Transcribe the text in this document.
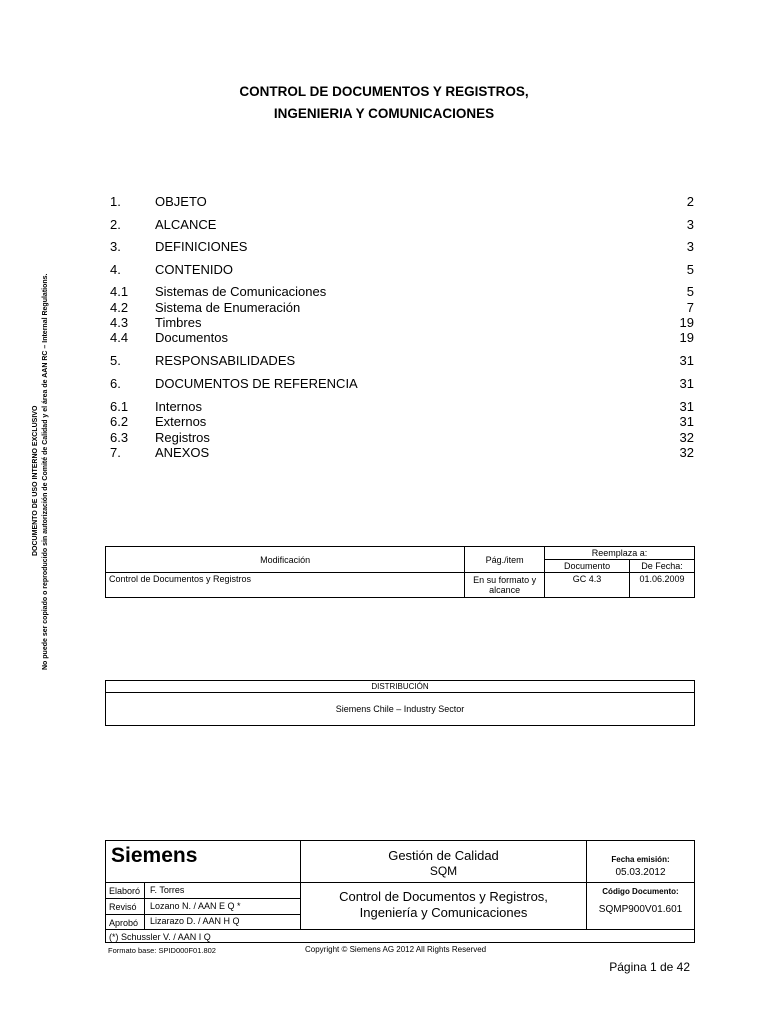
CONTROL DE DOCUMENTOS Y REGISTROS,
INGENIERIA Y COMUNICACIONES
DOCUMENTO DE USO INTERNO EXCLUSIVO No puede ser copiado o reproducido sin autorización de Comité de Calidad y el área de AAN RC – Internal Regulations.
1.	OBJETO	2
2.	ALCANCE	3
3.	DEFINICIONES	3
4.	CONTENIDO	5
4.1 Sistemas de Comunicaciones	5
4.2 Sistema de Enumeración	7
4.3 Timbres	19
4.4 Documentos	19
5.	RESPONSABILIDADES	31
6.	DOCUMENTOS DE REFERENCIA	31
6.1 Internos	31
6.2 Externos	31
6.3 Registros	32
7.	ANEXOS	32
Modificación	Pág./item	Reemplaza a:	
		Documento	De Fecha:
Control de Documentos y Registros	En su formato y alcance	GC 4.3	01.06.2009
DISTRIBUCIÓN
Siemens Chile – Industry Sector
Siemens
Elaboró F. Torres
Revisó Lozano N. / AAN E Q *
Aprobó Lizarazo D. / AAN H Q
Gestión de Calidad
SQM
Control de Documentos y Registros,
Ingeniería y Comunicaciones
Fecha emisión:
05.03.2012
Código Documento:
SQMP900V01.601
(*) Schussler V. / AAN I Q
Formato base: SPID000F01.802	Copyright © Siemens AG 2012 All Rights Reserved
Página 1 de 42
